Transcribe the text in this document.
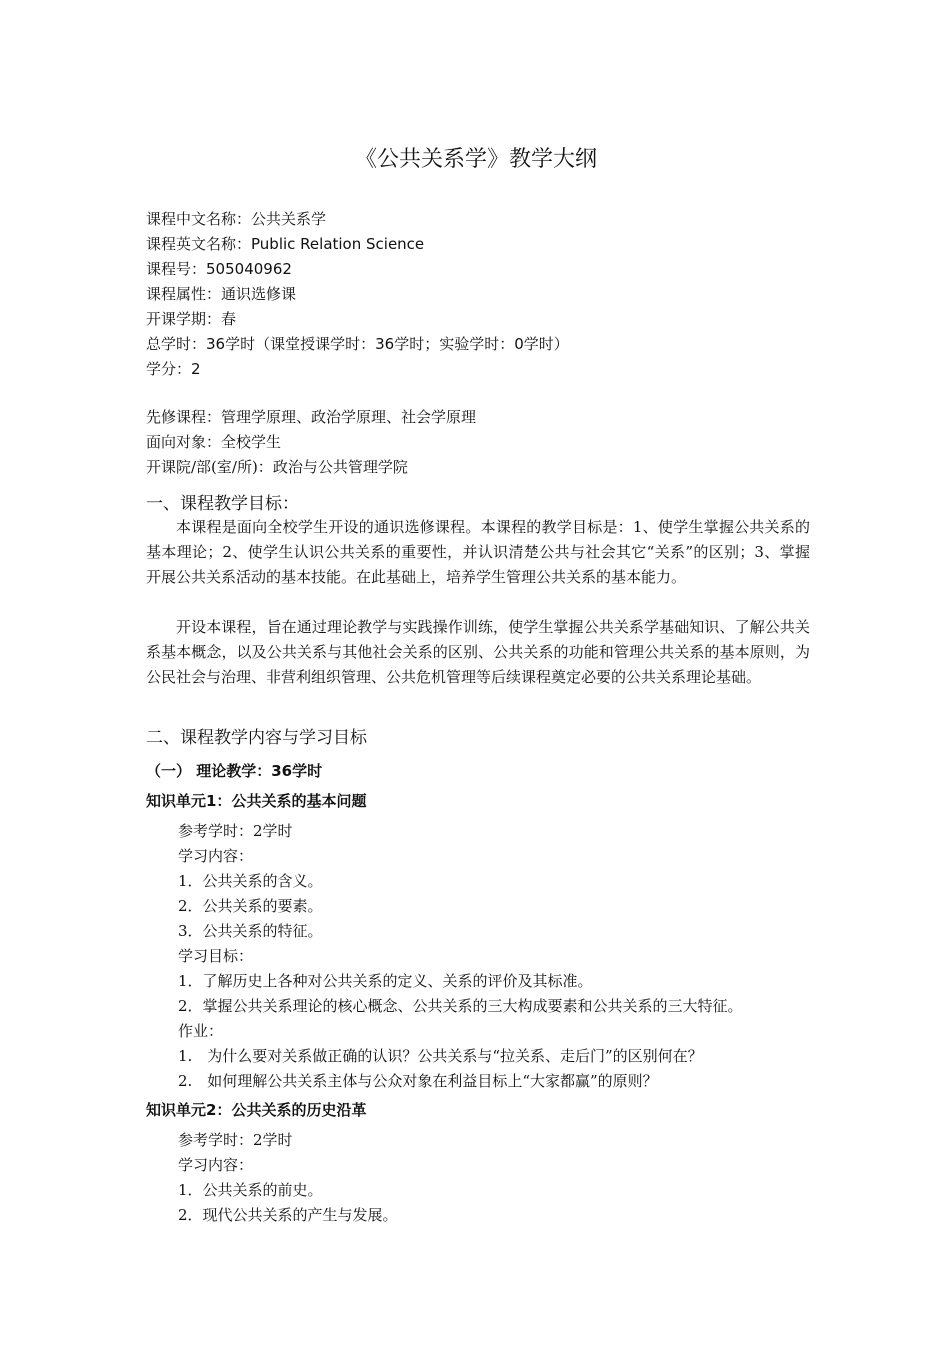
《公共关系学》教学大纲
课程中文名称：公共关系学
课程英文名称：Public Relation Science
课程号：505040962
课程属性：通识选修课
开课学期：春
总学时：36学时（课堂授课学时：36学时；实验学时：0学时）
学分：2
先修课程：管理学原理、政治学原理、社会学原理
面向对象：全校学生
开课院/部(室/所)：政治与公共管理学院
一、课程教学目标：

本课程是面向全校学生开设的通识选修课程。本课程的教学目标是：1、使学生掌握公共关系的基本理论；2、使学生认识公共关系的重要性，并认识清楚公共与社会其它“关系”的区别；3、掌握开展公共关系活动的基本技能。在此基础上，培养学生管理公共关系的基本能力。

开设本课程，旨在通过理论教学与实践操作训练，使学生掌握公共关系学基础知识、了解公共关系基本概念，以及公共关系与其他社会关系的区别、公共关系的功能和管理公共关系的基本原则，为公民社会与治理、非营利组织管理、公共危机管理等后续课程奠定必要的公共关系理论基础。

二、课程教学内容与学习目标
（一） 理论教学：36学时
知识单元1：公共关系的基本问题
参考学时：2学时
学习内容：
1．公共关系的含义。
2．公共关系的要素。
3．公共关系的特征。
学习目标：
1．了解历史上各种对公共关系的定义、关系的评价及其标准。
2．掌握公共关系理论的核心概念、公共关系的三大构成要素和公共关系的三大特征。
作业：
1.　为什么要对关系做正确的认识？公共关系与“拉关系、走后门”的区别何在？
2.　如何理解公共关系主体与公众对象在利益目标上“大家都赢”的原则？
知识单元2：公共关系的历史沿革
参考学时：2学时
学习内容：
1．公共关系的前史。
2．现代公共关系的产生与发展。
